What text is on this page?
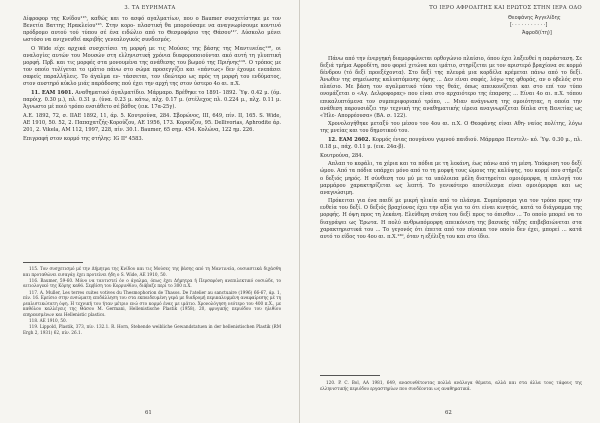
3. ΤΑ ΕΥΡΗΜΑΤΑ

Δίφροφορ της Κνίδου¹¹⁵, καθώς και το ασφό αγαλματίων, που ο Baumer συσχετίστηκε με τον Βενετία Βαττης Ηρακλείου¹¹⁶. Στην κορο- πλαστική θα μπορούσαμε να αναγνωρίσουμε κοντινό πρόδρομο αυτού τού τύπου σέ ένα ειδώλιο από το Θεσμοφόριο της Θάσου¹¹⁷. Δύσκολο μένει ωστόσο να ανιχνευθεί ακριβής γενεαλογικός συνδεσμός.

Ο Wide είχε αρχικά συσχετίσει τη μορφή με τις Μούσες της βάσης της Μαντινείας¹¹⁸, οι αναλογίες αυτών του Μουσών στη ελληνιστική χρόνια διαφοροποιούνται ακό αυτή τη γλυπτική μορφή. Πρβ. και τις μορφές στα μονουμένα της ανάθεσης του βωμού της Πριήνης¹¹⁹. Ο τρόπος με τον οποίο τυλίγεται το ιμάτιο πάνω στο σώμα προσεγγίζει και «πάντως» δεν έχουμε ενεπάσει σαφείς παραλλήλεις. Το άγαλμα εν- τάσσεται, τον ιδεώτερο ως πρός τη μορφή του ενδύματος, στον αυστηρό κύκλο μιάς παράδοσης πού έχει την αρχή της στον ύστερο 4ο αι. π.Χ.

11. EAM 1601. Αναθηματικό άγαλματίδιο. Μάρμαρο. Βρέθηκε το 1891- 1892. Ύψ. 0.42 μ. (όμ. παρόιχ. 0.30 μ.), πλ. 0.31 μ. (ύνα. 0.23 μ. κάτω, πλχ. 0.17 μ. (στέλεχος πλ. 0.224 μ., πλχ. 0.11 μ. Άγνωστο μέ ποιό τρόπο ενσιάθετο σέ βάθος (εικ. 17α-25γ).

Α.Ε. 1892, 72, σ. ΙΙΑΕ 1892, 11, άρ. 5. Κουτρούνα, 284. Σβορώνος, ΙΙΙ, 649, πίν. ΙΙ, 165. S. Wide, ΑΕ 1910, 50. 52, 2. Παπαχατζής-Κορούζου, ΑΕ 1956, 173. Κορούζου, 95. Dellivorias, Aphrodite άρ. 201, 2. Vikela, ΑΜ 112, 1997, 228, πίν. 30.1. Baumer, 65 σημ. 454. Κολώνα, 122 ημ. 226.

Επιγραφή στον κορμό της στήλης: IG II² 4583.

115. Τον συσχετισμό μέ την Δήμητρα της Κνίδου και τις Μούσες της βάσης από τη Μαντινεία, ουσιαστικά διχάσθη και προταθώνει εισαγάγ έχει προτείνει ήδη ο S. Wide, ΑΕ 1910, 50.

116. Baumer, 59-60. Μόνο να ταυτιστεί όν ο άγαλμα, όπως έχει Δήμητρα ή Περσεφόνη ανεπιλεκτικό ουσιώδε, το αιτιολογικό της Κόρης καθό. Σερβίση του Κορρινθίου, διάβαζε περί το 300 π.Χ.

117. A. Muller, Les terres cuites votives du Thesmophorion de Thasos. De l'atelier au sanctuaire (1996) 66-67, άρ. 1, πίν. 16. Ερείσιο στην ενσώματη επιδάλληση του στα εκπαιδευμένη γερά με διαδρομή περικαλυμμένη αναφαίρεσης μέ τη ρεαλιστικώτατη όψη. Η τεχνική του ήταν μέτριο ενώ στο κορμό ένας με ιμάτιο. Χρονολόγηση νεότερο του 400 π.Χ., με καθόλου καλλέγεις της Θάσου Μ. Germani, Hellenistische Plastik (1958), 20, φρυγικής περιόδου του ηλιθίου επηρεασμένων και Hellenistic plastics.

118. ΑΕ 1910, 50.

119. Lippold, Plastik, 373, πίν. 132.1. R. Horn, Stehende weibliche Gewandstatuen in der hellenistischen Plastik (RM Ergh 2, 1931) 62, πίν. 26.1.

61
ΤΟ ΙΕΡΟ ΑΦΡΟΔΙΤΗΣ ΚΑΙ ΕΡΩΤΟΣ ΣΤΗΝ ΙΕΡΑ ΟΔΟ
Θεοφάνης Άγγελίδης
[· · · · · · · · · · ·]
Άφροδ(ίτη)]

Πάνω από την ένεργηκή διαμορφώνεται ορθογώνιο πλαίσιο, όπου έχει λαξευθεί η παράσταση. Σε δεξιά τμήμα Αφροδίτη, που φορεί χιτώνα και ιμάτιο, στηρίζεται με τον αριστερό βραχίονα σε κορμό δένδρου (τό δεξί προεξέχοντα). Στο δεξί της πλευρά μια κορδέλα κρέμεται πάνω από το δεξί. Άνωθεν της σημείωσης καλυπτόμενης όψης ... Δεν είναι σαφές, λόγω της φθοράς, αν ο οβελός στο πλαίσιο. Με βάση τον αγαλματικό τύπο της θεάς, όπως απεικονίζεται και στο επί τον τύπο ονομάζεται ο «Αγ. Δελφοφορας» που είναι στο αρχαιότερο της έπαρσης ... Είναι 4ο αι. π.Χ. τόπου επικαλυπτόμενα τον συμπεριφοριακό τρόπο, ... Μιαν ανάγνωση της ομοιότητας, η οποία την ανάθεση παρουσιάζει την τεχνική της αναθηματικής ιέρεια αναγνωρίζεται δίπλα στη Βενετίας ως «Ήλε- Απορρέουσα» (ΒΑ. σ. 122).

Χρονολογήθηκε μεταξύ του μέσου του 4ου αι. π.Χ. Ο Θεοφάνης είναι Αθη- ναίος πολίτης, λόγω της μνείας και του δημοτικού του.

12. EAM 2602. Κορμός ένιας πουγάνου γυμνού παιδιού. Μάρμαρο Πεντελι- κό. Ύψ. 0.30 μ., πλ. 0.18 μ., πάχ. 0.11 μ. (εικ. 24α-β).

Κουτρούνα, 284.

Απλαπ το κεφάλι, τα χέρια και τα πόδια με τη λεκάνη, έως πάνω από τη μέση. Υπόκριση του δεξί ώμου. Από τα πόδια υπάρχει μόνο από το τη μορφή τους ώμους της καλύψης, του κορμί που στήριζε ο δεξιός μηρός. Η σύνθεση του μύ με τα υπόλοιπα μέλη διατηρείται ομοιόμορφα, η επιλογή του μαρμάρου χαρακτηρίζεται ως λεπτή. Το γενικότερο αποτέλεσμα είναι ομοιόμορφα και ως αναγνώσιμη.

Πρόκειται για ένα παιδί με μικρή ηλικία από το πλάσμα. Συμπέρασμα για τον τρόπο προς την ευθεία του δεξί. Ο δεξιός βραχίονας έχει την αξία για το ότι είναι κινητός, κατά το διάγραμμα της μορφής. Η όψη προς τη λεκάνη. Ελεύθερη στάση του δεξί προς το όπισθεν ... Το οποίο μπορεί να το διαγράψει ως Έρωτα. Η πολύ ανθρωπόμορφη απεικόνιση της βασικής τάξης επιβεβαιώνεται στα χαρακτηριστικά του ... Το γεγονός ότι έπειτα από τον πίνακα τον οποίο δεν έχει, μπορεί ... κατά αυτό το είδος του 4ου αι. π.Χ.¹²⁰, όταν η εξέλιξη του και στο ίδιο.

120. P. C. Bol, AA 1981, 649, ανασυνθέτοντας πολλά ανάλογα θέματα, αλλά και στα άλλα τους τάφους της ελληνιστικής περιόδου εργαστηρίων που συνδέονται ως αναθηματικά.

62
